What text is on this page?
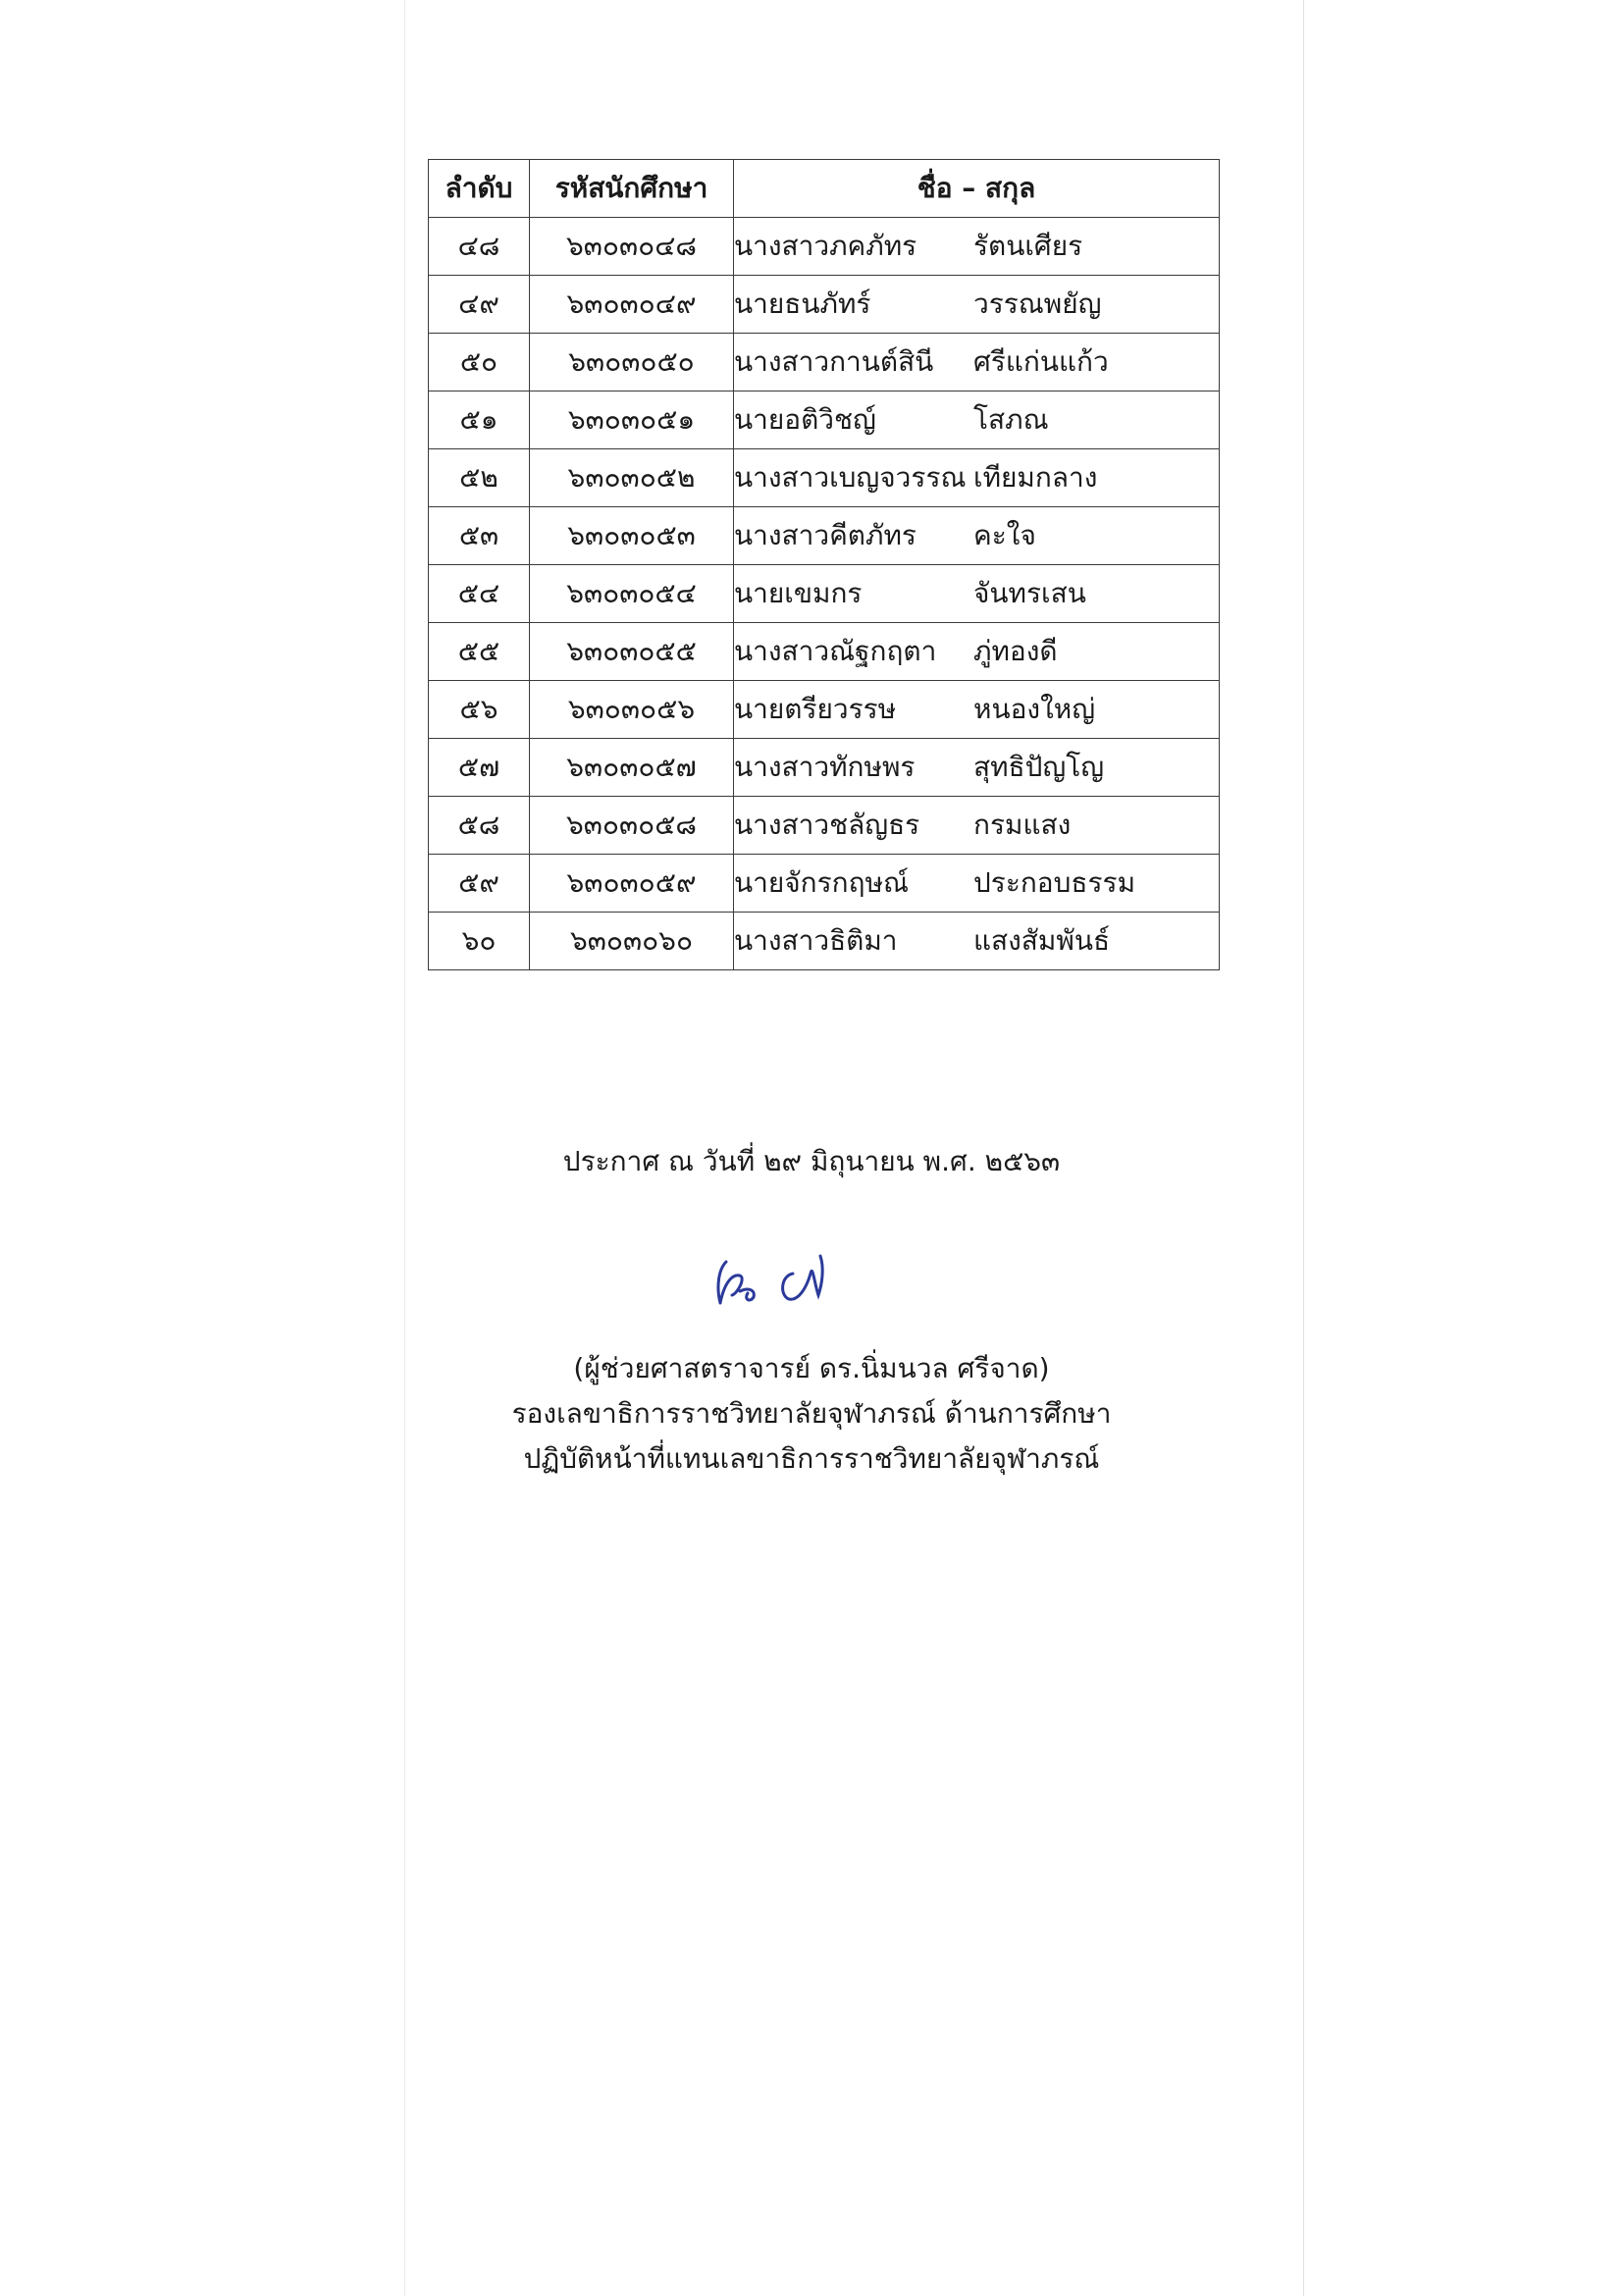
ลำดับ	รหัสนักศึกษา	ชื่อ – สกุล
๔๘	๖๓๐๓๐๔๘	นางสาวภคภัทร รัตนเศียร
๔๙	๖๓๐๓๐๔๙	นายธนภัทร์ วรรณพยัญ
๕๐	๖๓๐๓๐๕๐	นางสาวกานต์สินี ศรีแก่นแก้ว
๕๑	๖๓๐๓๐๕๑	นายอติวิชญ์ โสภณ
๕๒	๖๓๐๓๐๕๒	นางสาวเบญจวรรณ เทียมกลาง
๕๓	๖๓๐๓๐๕๓	นางสาวคีตภัทร คะใจ
๕๔	๖๓๐๓๐๕๔	นายเขมกร จันทรเสน
๕๕	๖๓๐๓๐๕๕	นางสาวณัฐกฤตา ภู่ทองดี
๕๖	๖๓๐๓๐๕๖	นายตรียวรรษ หนองใหญ่
๕๗	๖๓๐๓๐๕๗	นางสาวทักษพร สุทธิปัญโญ
๕๘	๖๓๐๓๐๕๘	นางสาวชลัญธร กรมแสง
๕๙	๖๓๐๓๐๕๙	นายจักรกฤษณ์ ประกอบธรรม
๖๐	๖๓๐๓๐๖๐	นางสาวธิติมา แสงสัมพันธ์
ประกาศ ณ วันที่ ๒๙ มิถุนายน พ.ศ. ๒๕๖๓
(ผู้ช่วยศาสตราจารย์ ดร.นิ่มนวล ศรีจาด)
รองเลขาธิการราชวิทยาลัยจุฬาภรณ์ ด้านการศึกษา
ปฏิบัติหน้าที่แทนเลขาธิการราชวิทยาลัยจุฬาภรณ์
